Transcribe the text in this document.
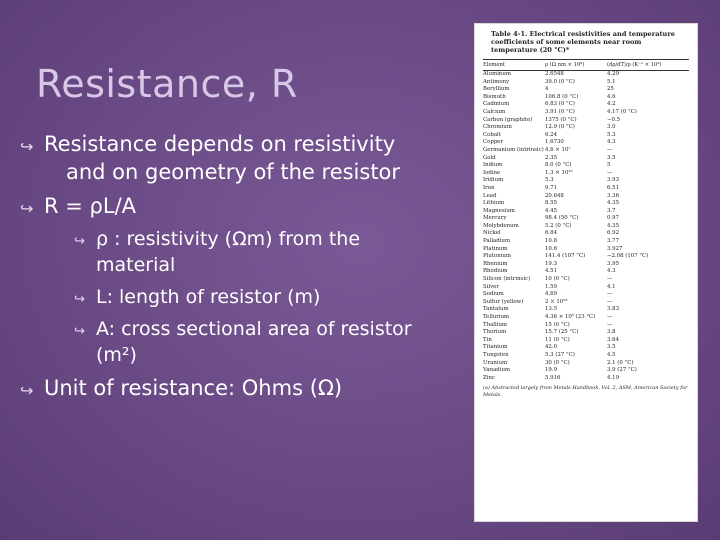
Resistance, R
↪ Resistance depends on resistivity
and on geometry of the resistor
↪ R = ρL/A
↪ ρ : resistivity (Ωm) from the
material
↪ L: length of resistor (m)
↪ A: cross sectional area of resistor
(m²)
↪ Unit of resistance: Ohms (Ω)
Table 4-1. Electrical resistivities and temperature coefficients of some elements near room temperature (20 °C)*
Element	ρ (Ω nm × 10⁸)	(dρ/dT)/ρ (K⁻¹ × 10³)
Aluminum	2.6548	4.29
Antimony	39.0 (0 °C)	5.1
Beryllium	4	25
Bismuth	106.8 (0 °C)	4.6
Cadmium	6.83 (0 °C)	4.2
Calcium	3.91 (0 °C)	4.17 (0 °C)
Carbon (graphite)	1375 (0 °C)	−0.5
Chromium	12.9 (0 °C)	3.0
Cobalt	6.24	5.3
Copper	1.6730	4.3
Germanium (intrinsic) 4.6 × 10⁷	—
Gold	2.35	3.5
Indium	8.0 (0 °C)	5
Iodine	1.3 × 10¹⁵	—
Iridium	5.3	3.93
Iron	9.71	6.51
Lead	20.648	3.36
Lithium	8.55	4.35
Magnesium	4.45	3.7
Mercury	98.4 (50 °C)	0.97
Molybdenum	5.2 (0 °C)	4.35
Nickel	6.84	6.92
Palladium	10.8	3.77
Platinum	10.6	3.927
Plutonium	141.4 (107 °C)	−2.08 (107 °C)
Rhenium	19.3	3.95
Rhodium	4.51	4.3
Silicon (intrinsic)	10 (0 °C)	—
Silver	1.59	4.1
Sodium	4.69	—
Sulfur (yellow)	2 × 10²³	—
Tantalum	13.5	3.83
Tellurium	4.36 × 10⁵ (23 °C)	—
Thallium	15 (0 °C)	—
Thorium	15.7 (25 °C)	3.8
Tin	11 (0 °C)	3.64
Titanium	42.0	3.5
Tungsten	5.3 (27 °C)	4.5
Uranium	30 (0 °C)	2.1 (0 °C)
Vanadium	19.9	3.9 (27 °C)
Zinc	5.916	4.19
(a) Abstracted largely from Metals Handbook, Vol. 2, ASM, American Society for Metals.
